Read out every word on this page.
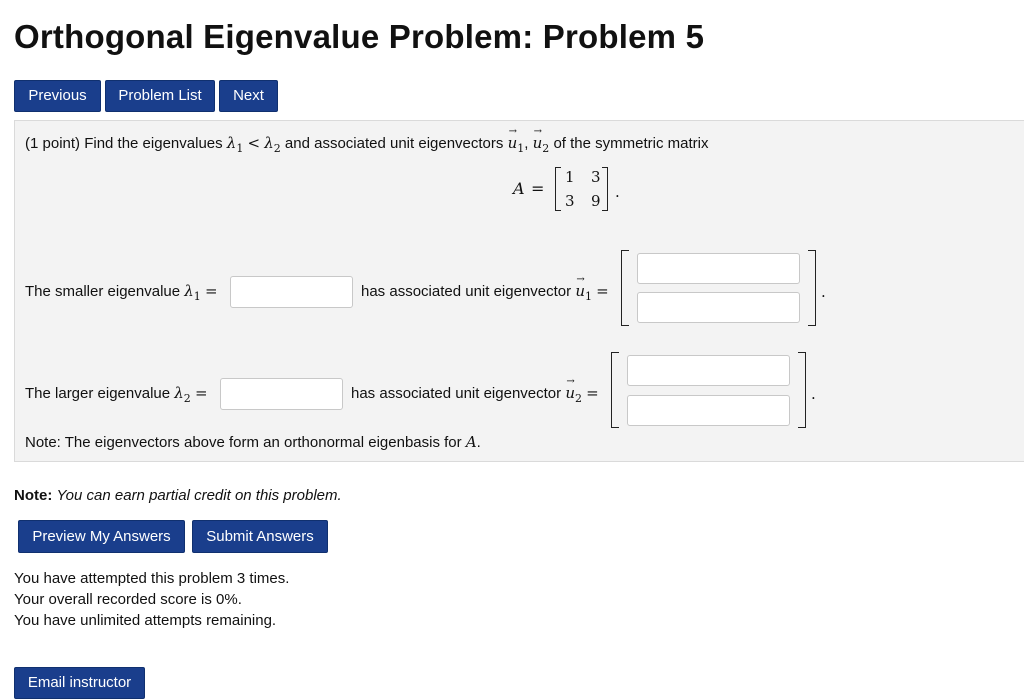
Orthogonal Eigenvalue Problem: Problem 5
Previous	Problem List	Next
(1 point) Find the eigenvalues $\lambda_1 < \lambda_2$ and associated unit eigenvectors
→
$u_1$,
→
$u_2$ of the symmetric matrix
A =
1 3
3 9 .
The smaller eigenvalue $\lambda_1$ =	has associated unit eigenvector
→
$u_1$ =	.
The larger eigenvalue $\lambda_2$ =	has associated unit eigenvector
→
$u_2$ =	.
Note: The eigenvectors above form an orthonormal eigenbasis for A.
Note: You can earn partial credit on this problem.
Preview My Answers	Submit Answers
You have attempted this problem 3 times.
Your overall recorded score is 0%.
You have unlimited attempts remaining.
Email instructor
